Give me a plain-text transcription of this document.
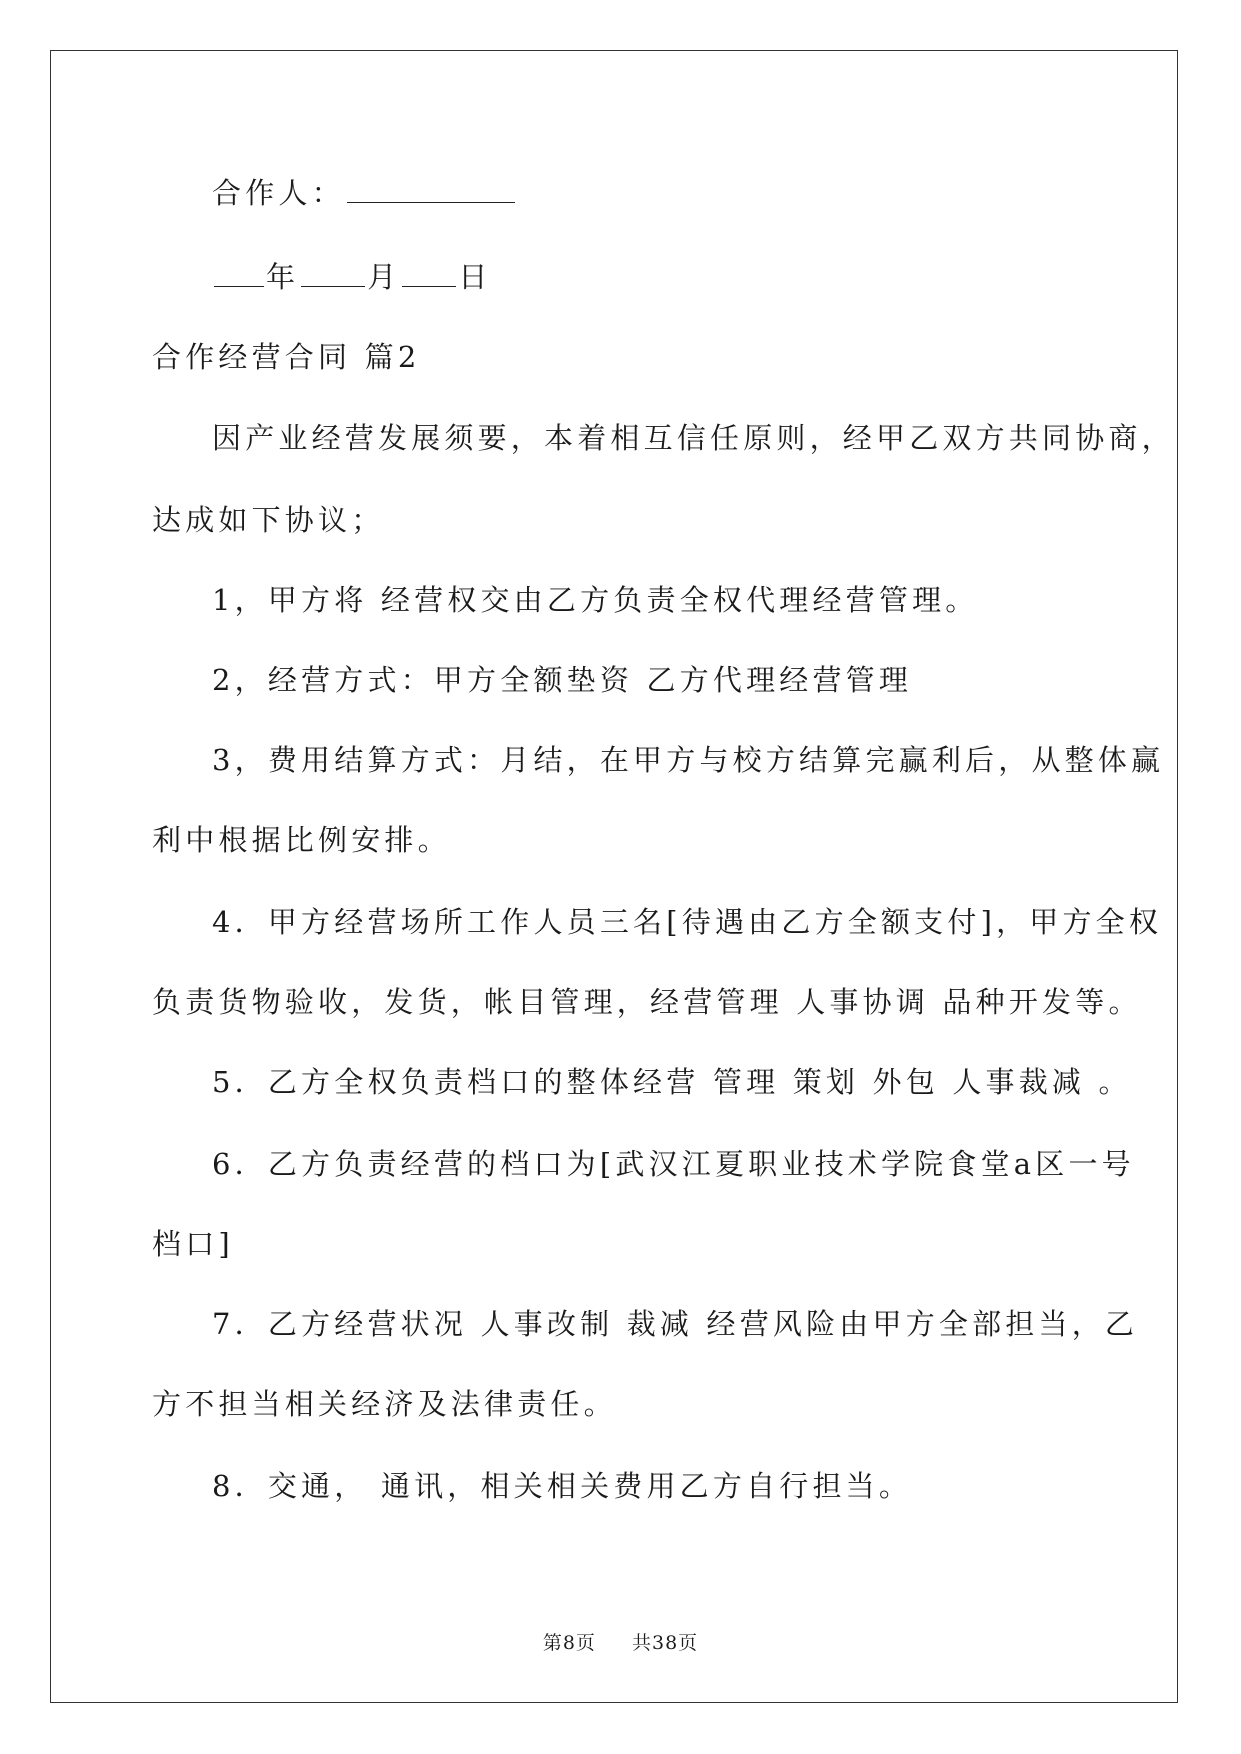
合作人：
年 月 日
合作经营合同 篇2
因产业经营发展须要，本着相互信任原则，经甲乙双方共同协商，
达成如下协议；
1，甲方将 经营权交由乙方负责全权代理经营管理。
2，经营方式：甲方全额垫资 乙方代理经营管理
3，费用结算方式：月结，在甲方与校方结算完赢利后，从整体赢
利中根据比例安排。
4．甲方经营场所工作人员三名[待遇由乙方全额支付]，甲方全权
负责货物验收，发货，帐目管理，经营管理 人事协调 品种开发等。
5．乙方全权负责档口的整体经营 管理 策划 外包 人事裁减 。
6．乙方负责经营的档口为[武汉江夏职业技术学院食堂a区一号
档口]
7．乙方经营状况 人事改制 裁减 经营风险由甲方全部担当，乙
方不担当相关经济及法律责任。
8．交通， 通讯，相关相关费用乙方自行担当。
第8页 共38页
